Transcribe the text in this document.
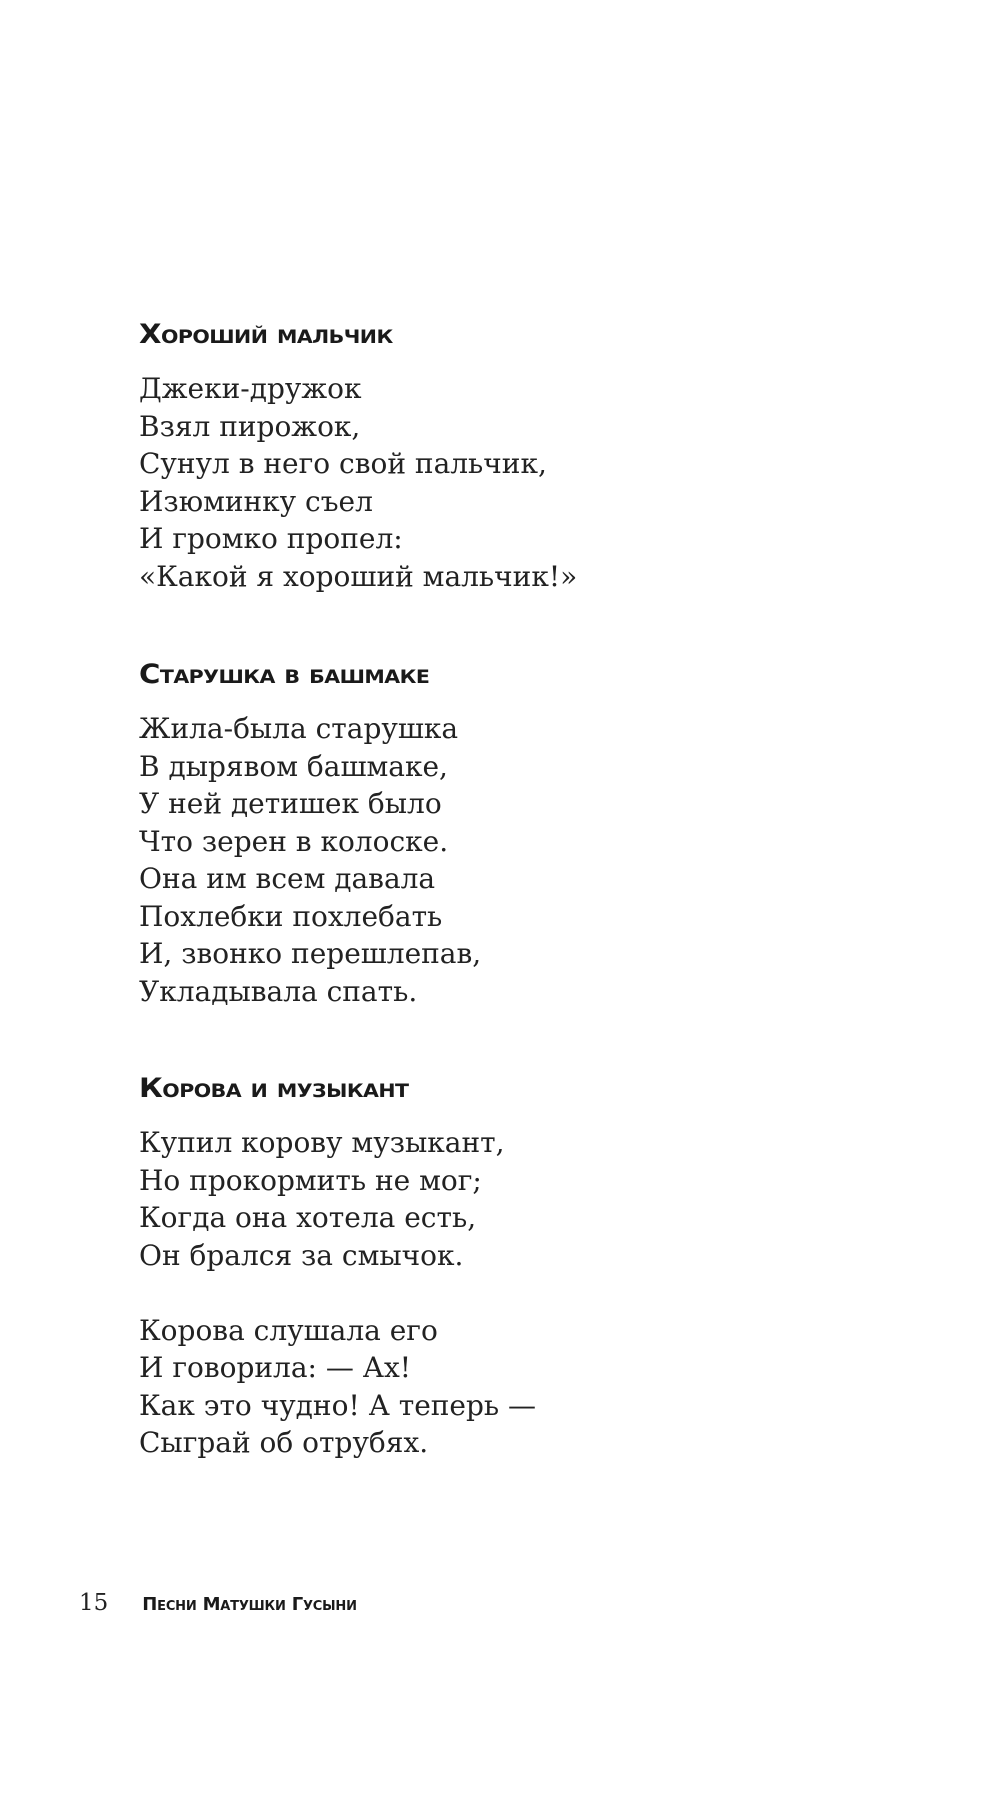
Хороший мальчик
Джеки-дружок
Взял пирожок,
Сунул в него свой пальчик,
Изюминку съел
И громко пропел:
«Какой я хороший мальчик!»
Старушка в башмаке
Жила-была старушка
В дырявом башмаке,
У ней детишек было
Что зерен в колоске.
Она им всем давала
Похлебки похлебать
И, звонко перешлепав,
Укладывала спать.
Корова и музыкант
Купил корову музыкант,
Но прокормить не мог;
Когда она хотела есть,
Он брался за смычок.
Корова слушала его
И говорила: — Ах!
Как это чудно! А теперь —
Сыграй об отрубях.
15 Песни Матушки Гусыни
